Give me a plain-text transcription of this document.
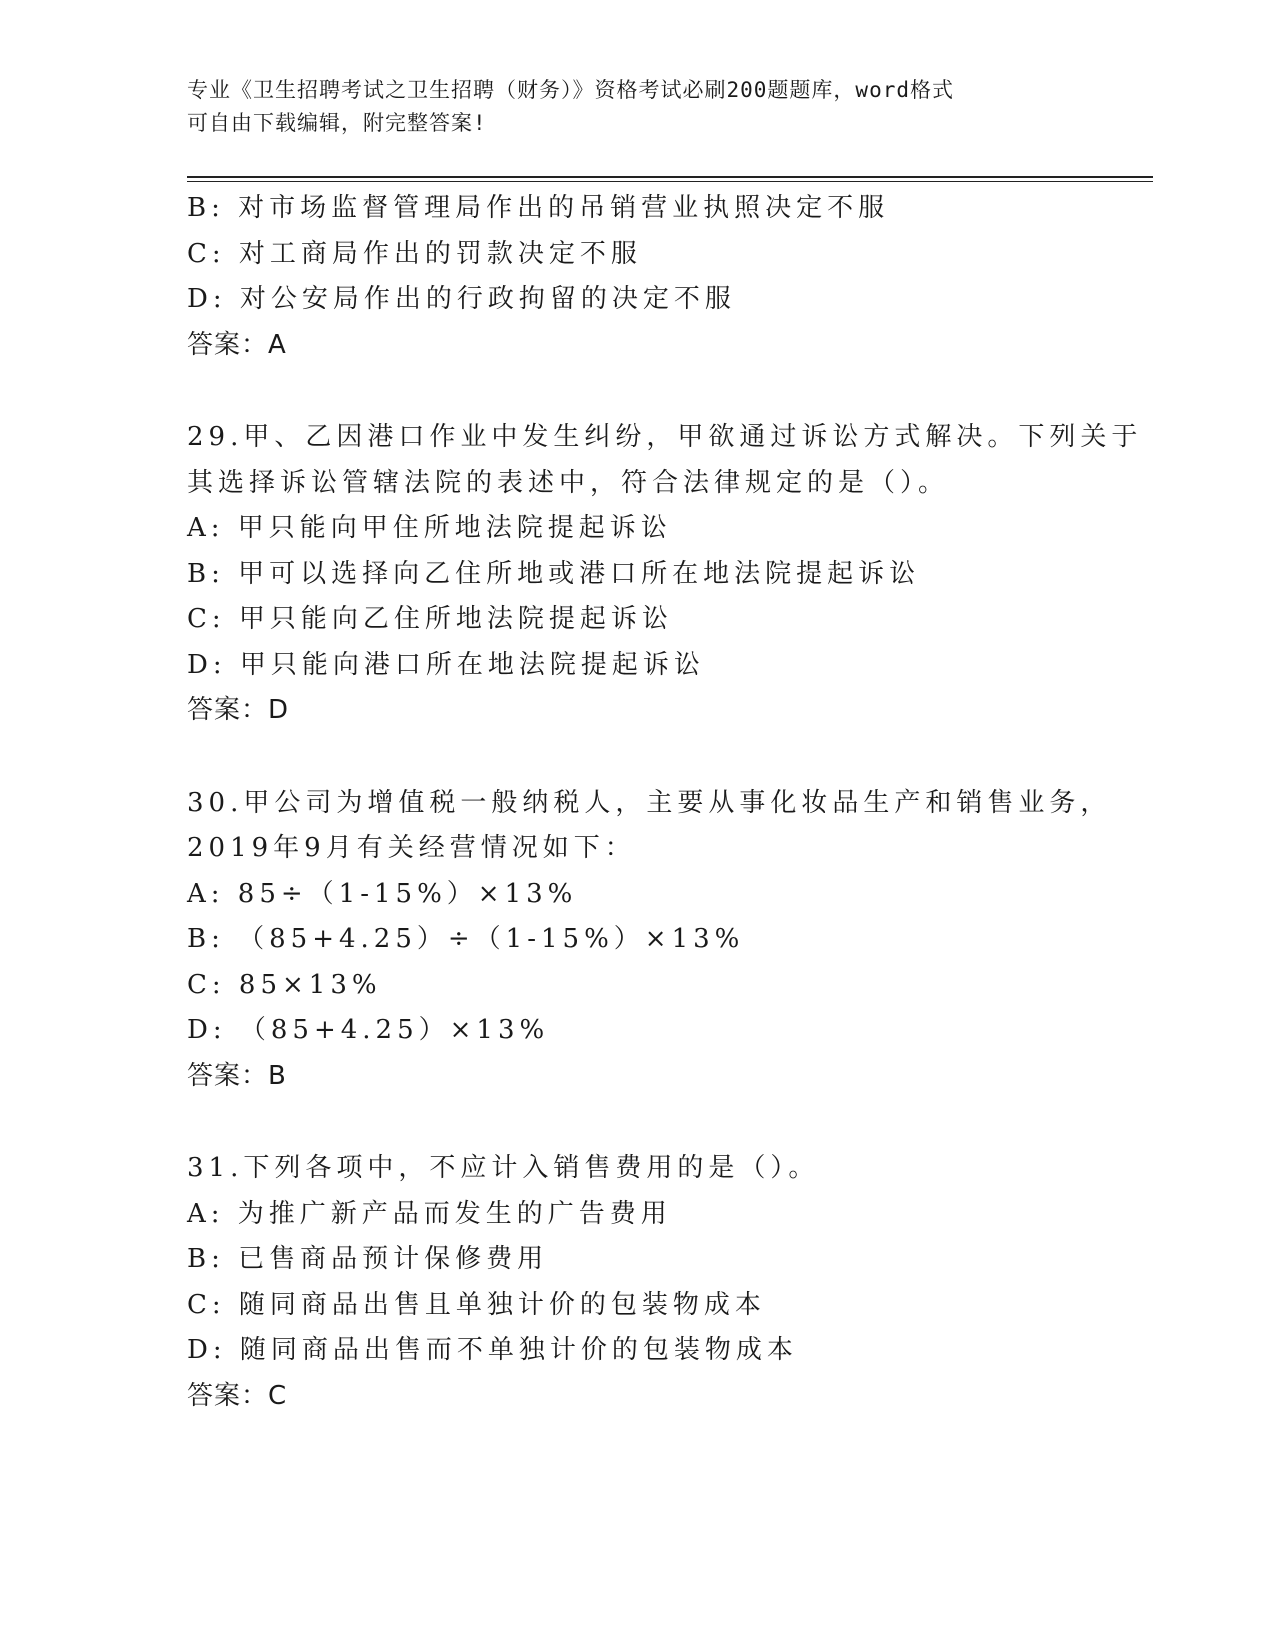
专业《卫生招聘考试之卫生招聘（财务）》资格考试必刷200题题库，word格式
可自由下载编辑，附完整答案!
B: 对市场监督管理局作出的吊销营业执照决定不服
C: 对工商局作出的罚款决定不服
D: 对公安局作出的行政拘留的决定不服
答案：A
29.甲、乙因港口作业中发生纠纷，甲欲通过诉讼方式解决。下列关于
其选择诉讼管辖法院的表述中，符合法律规定的是（）。
A: 甲只能向甲住所地法院提起诉讼
B: 甲可以选择向乙住所地或港口所在地法院提起诉讼
C: 甲只能向乙住所地法院提起诉讼
D: 甲只能向港口所在地法院提起诉讼
答案：D
30.甲公司为增值税一般纳税人，主要从事化妆品生产和销售业务，
2019年9月有关经营情况如下：
A: 85÷（1-15%）×13%
B: （85+4.25）÷（1-15%）×13%
C: 85×13%
D: （85+4.25）×13%
答案：B
31.下列各项中，不应计入销售费用的是（）。
A: 为推广新产品而发生的广告费用
B: 已售商品预计保修费用
C: 随同商品出售且单独计价的包装物成本
D: 随同商品出售而不单独计价的包装物成本
答案：C
